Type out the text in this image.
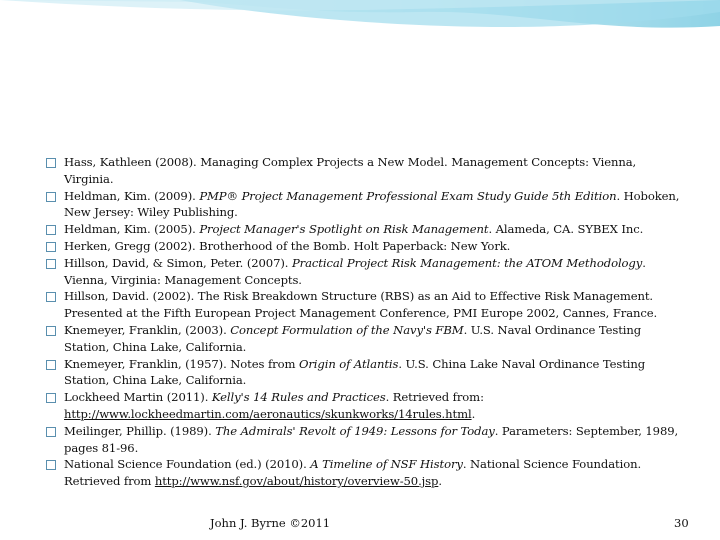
Hass, Kathleen (2008). Managing Complex Projects a New Model. Management Concepts: Vienna, Virginia.
Heldman, Kim. (2009). PMP® Project Management Professional Exam Study Guide 5th Edition. Hoboken, New Jersey: Wiley Publishing.
Heldman, Kim. (2005). Project Manager's Spotlight on Risk Management. Alameda, CA. SYBEX Inc.
Herken, Gregg (2002). Brotherhood of the Bomb. Holt Paperback: New York.
Hillson, David, & Simon, Peter. (2007). Practical Project Risk Management: the ATOM Methodology. Vienna, Virginia: Management Concepts.
Hillson, David. (2002). The Risk Breakdown Structure (RBS) as an Aid to Effective Risk Management. Presented at the Fifth European Project Management Conference, PMI Europe 2002, Cannes, France.
Knemeyer, Franklin, (2003). Concept Formulation of the Navy's FBM. U.S. Naval Ordinance Testing Station, China Lake, California.
Knemeyer, Franklin, (1957). Notes from Origin of Atlantis. U.S. China Lake Naval Ordinance Testing Station, China Lake, California.
Lockheed Martin (2011). Kelly's 14 Rules and Practices. Retrieved from: http://www.lockheedmartin.com/aeronautics/skunkworks/14rules.html.
Meilinger, Phillip. (1989). The Admirals' Revolt of 1949: Lessons for Today. Parameters: September, 1989, pages 81-96.
National Science Foundation (ed.) (2010). A Timeline of NSF History. National Science Foundation. Retrieved from http://www.nsf.gov/about/history/overview-50.jsp.
John J. Byrne ©2011	30
